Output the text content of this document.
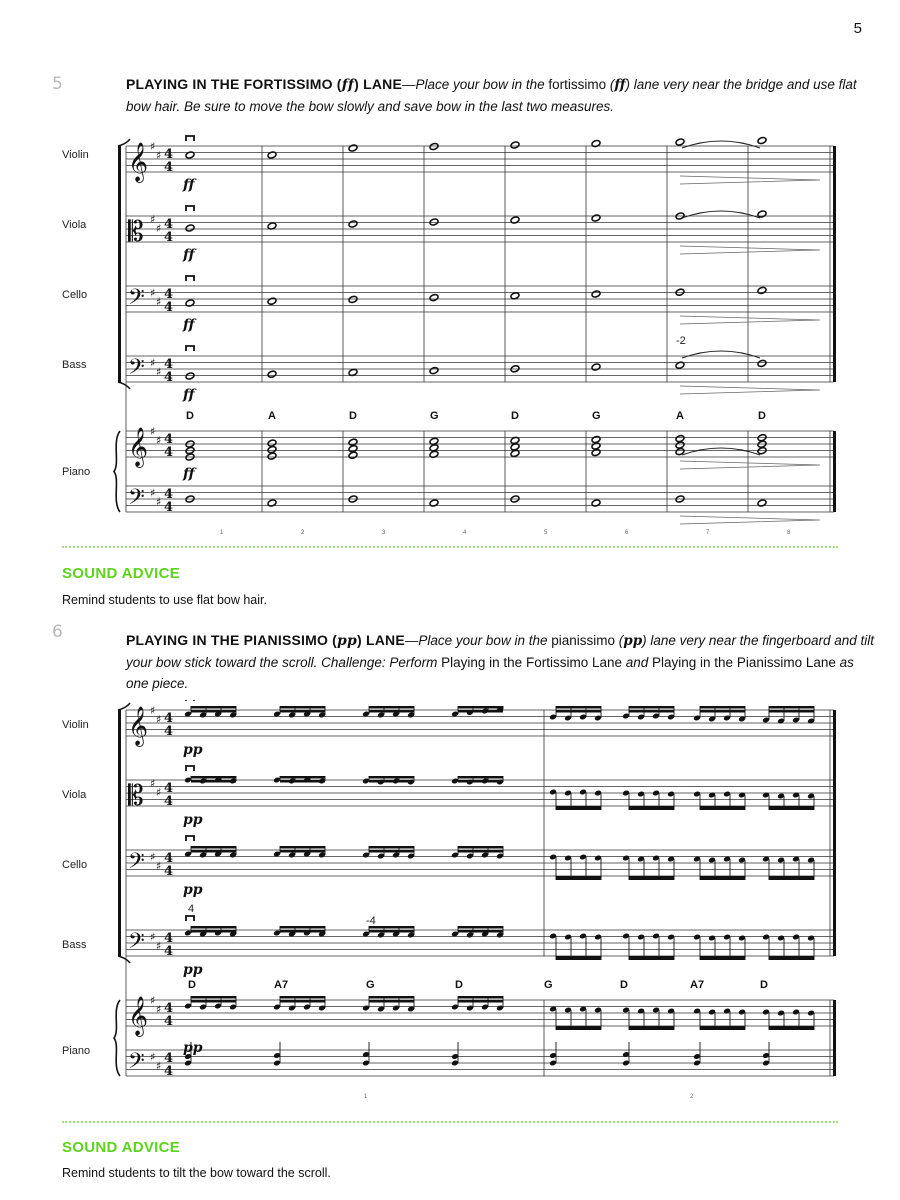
5
5	PLAYING IN THE FORTISSIMO (ff) LANE—Place your bow in the fortissimo (ff) lane very near the bridge and use flat bow hair. Be sure to move the bow slowly and save bow in the last two measures.
Violin
Viola
Cello
Bass
Piano
𝄞 ♯
♯ 4
4
𝄡 ♯
♯ 4
4
𝄢 ♯
♯ 4
4
𝄢 ♯
♯ 4
4
𝄞 ♯
♯ 4
4
𝄢 ♯
♯ 4
4
ff
ff
ff
ff
ff
-2
D	A	D	G	D	G	A	D
1	2	3	4	5	6	7	8
SOUND ADVICE
Remind students to use flat bow hair.
6	PLAYING IN THE PIANISSIMO (pp) LANE—Place your bow in the pianissimo (pp) lane very near the fingerboard and tilt your bow stick toward the scroll. Challenge: Perform Playing in the Fortissimo Lane and Playing in the Pianissimo Lane as one piece.
Violin
Viola
Cello
Bass
Piano
𝄞 ♯
♯ 4
4
𝄡 ♯
♯ 4
4
𝄢 ♯
♯ 4
4
𝄢 ♯
♯ 4
4
𝄞 ♯
♯ 4
4
𝄢 ♯
♯ 4
4
pp
pp
pp
pp
pp
4
-4
D	A7	G	D	G	D	A7	D
1	2
SOUND ADVICE
Remind students to tilt the bow toward the scroll.
